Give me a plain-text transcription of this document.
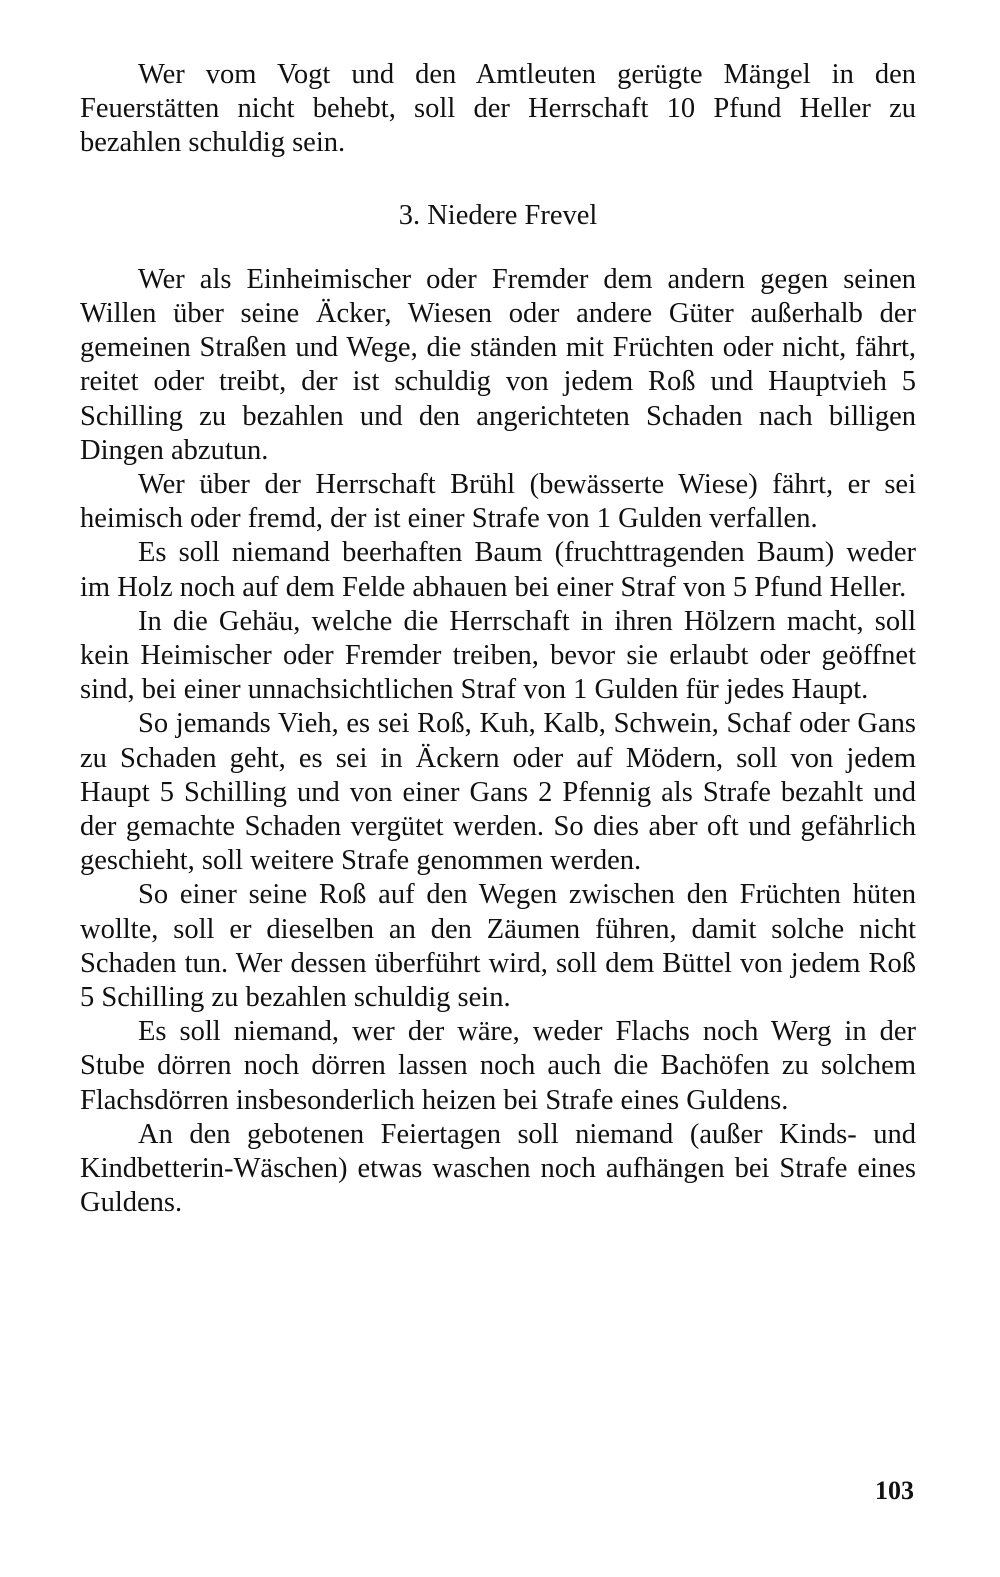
Wer vom Vogt und den Amtleuten gerügte Mängel in den Feuerstätten nicht behebt, soll der Herrschaft 10 Pfund Heller zu bezahlen schuldig sein.

3. Niedere Frevel

Wer als Einheimischer oder Fremder dem andern gegen seinen Willen über seine Äcker, Wiesen oder andere Güter außerhalb der gemeinen Straßen und Wege, die ständen mit Früchten oder nicht, fährt, reitet oder treibt, der ist schuldig von jedem Roß und Hauptvieh 5 Schilling zu bezahlen und den angerichteten Schaden nach billigen Dingen abzutun.

Wer über der Herrschaft Brühl (bewässerte Wiese) fährt, er sei heimisch oder fremd, der ist einer Strafe von 1 Gulden verfallen.

Es soll niemand beerhaften Baum (fruchttragenden Baum) weder im Holz noch auf dem Felde abhauen bei einer Straf von 5 Pfund Heller.

In die Gehäu, welche die Herrschaft in ihren Hölzern macht, soll kein Heimischer oder Fremder treiben, bevor sie erlaubt oder geöffnet sind, bei einer unnachsichtlichen Straf von 1 Gulden für jedes Haupt.

So jemands Vieh, es sei Roß, Kuh, Kalb, Schwein, Schaf oder Gans zu Schaden geht, es sei in Äckern oder auf Mödern, soll von jedem Haupt 5 Schilling und von einer Gans 2 Pfennig als Strafe bezahlt und der gemachte Schaden vergütet werden. So dies aber oft und gefährlich geschieht, soll weitere Strafe genommen werden.

So einer seine Roß auf den Wegen zwischen den Früchten hüten wollte, soll er dieselben an den Zäumen führen, damit solche nicht Schaden tun. Wer dessen überführt wird, soll dem Büttel von jedem Roß 5 Schilling zu bezahlen schuldig sein.

Es soll niemand, wer der wäre, weder Flachs noch Werg in der Stube dörren noch dörren lassen noch auch die Bachöfen zu solchem Flachsdörren insbesonderlich heizen bei Strafe eines Guldens.

An den gebotenen Feiertagen soll niemand (außer Kinds- und Kindbetterin-Wäschen) etwas waschen noch aufhängen bei Strafe eines Guldens.

103
